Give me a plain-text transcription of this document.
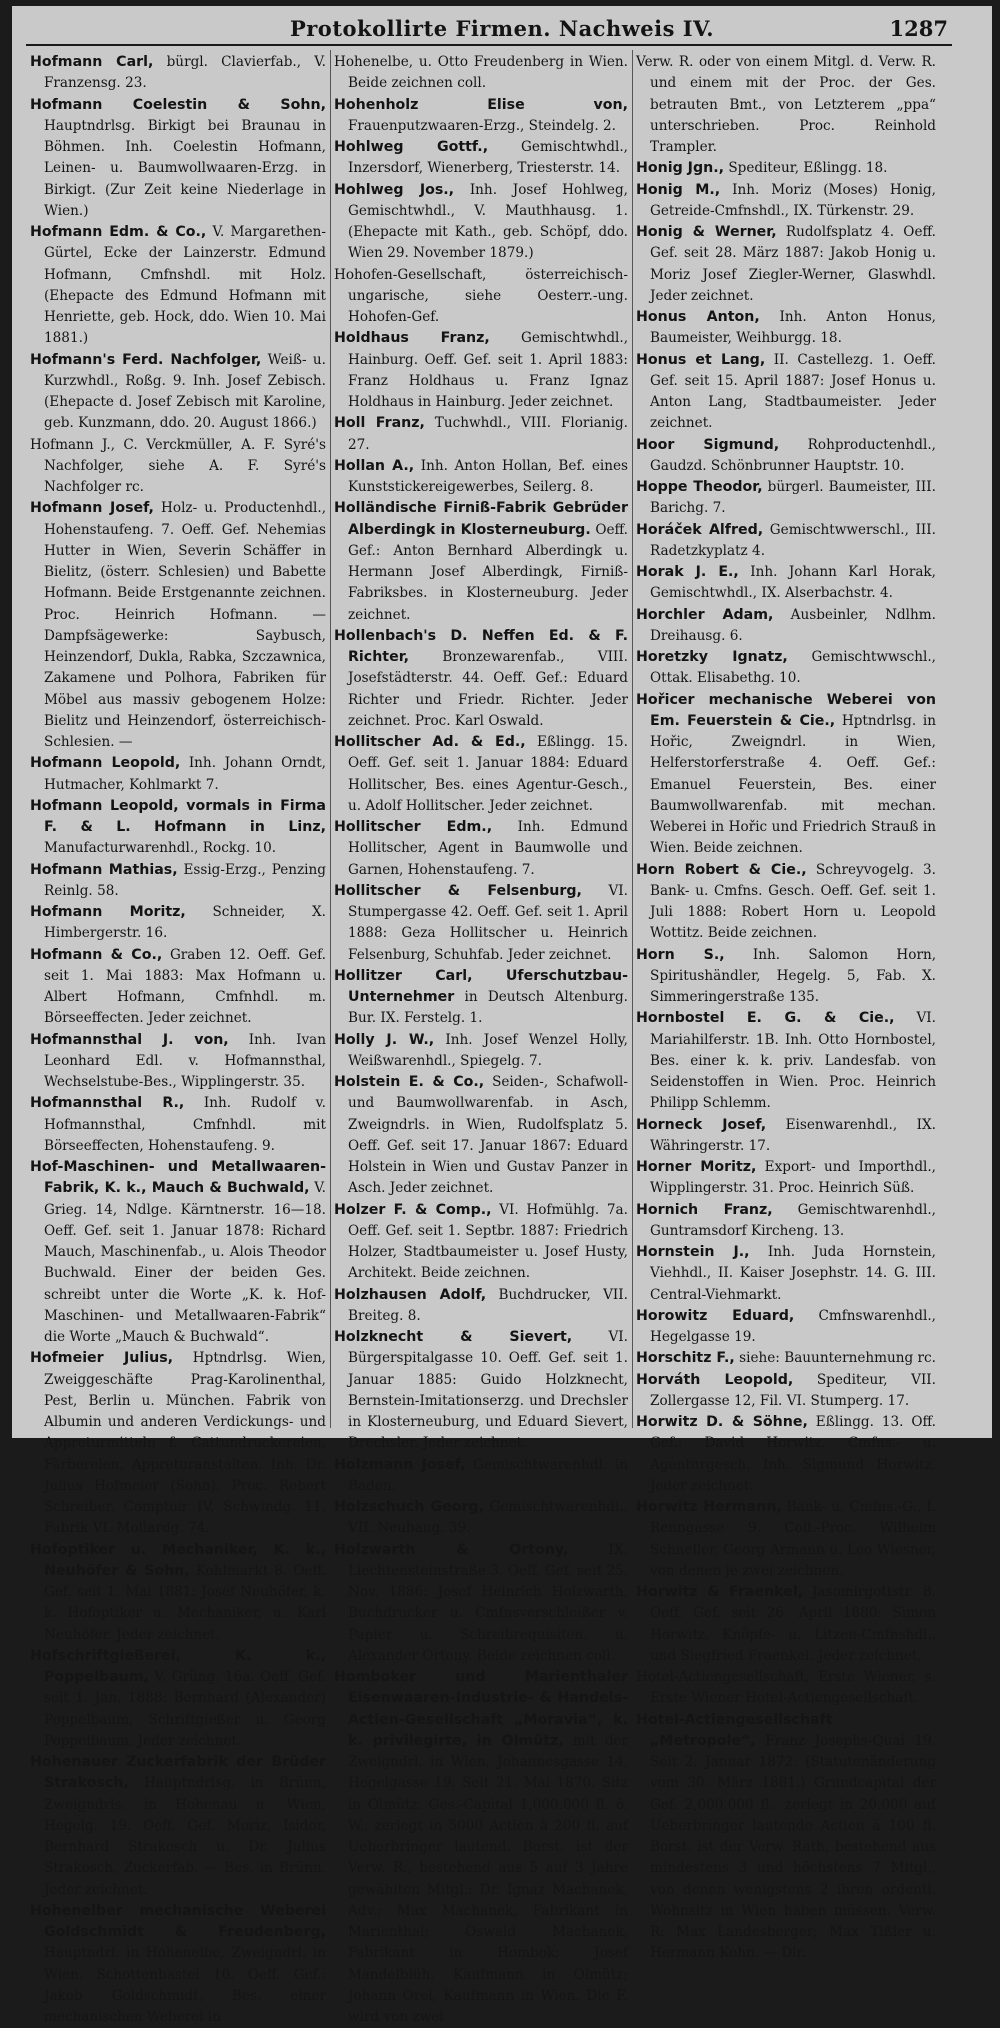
Protokollirte Firmen. Nachweis IV.	1287

Hofmann Carl, bürgl. Clavierfab., V. Franzensg. 23.

Hofmann Coelestin & Sohn, Hauptndrlsg. Birkigt bei Braunau in Böhmen. Inh. Coelestin Hofmann, Leinen- u. Baumwollwaaren-Erzg. in Birkigt. (Zur Zeit keine Niederlage in Wien.)

Hofmann Edm. & Co., V. Margarethen-Gürtel, Ecke der Lainzerstr. Edmund Hofmann, Cmfnshdl. mit Holz. (Ehepacte des Edmund Hofmann mit Henriette, geb. Hock, ddo. Wien 10. Mai 1881.)

Hofmann's Ferd. Nachfolger, Weiß- u. Kurzwhdl., Roßg. 9. Inh. Josef Zebisch. (Ehepacte d. Josef Zebisch mit Karoline, geb. Kunzmann, ddo. 20. August 1866.)

Hofmann J., C. Verckmüller, A. F. Syré's Nachfolger, siehe A. F. Syré's Nachfolger rc.

Hofmann Josef, Holz- u. Productenhdl., Hohenstaufeng. 7. Oeff. Gef. Nehemias Hutter in Wien, Severin Schäffer in Bielitz, (österr. Schlesien) und Babette Hofmann. Beide Erstgenannte zeichnen. Proc. Heinrich Hofmann. — Dampfsägewerke: Saybusch, Heinzendorf, Dukla, Rabka, Szczawnica, Zakamene und Polhora, Fabriken für Möbel aus massiv gebogenem Holze: Bielitz und Heinzendorf, österreichisch-Schlesien. —

Hofmann Leopold, Inh. Johann Orndt, Hutmacher, Kohlmarkt 7.

Hofmann Leopold, vormals in Firma F. & L. Hofmann in Linz, Manufacturwarenhdl., Rockg. 10.

Hofmann Mathias, Essig-Erzg., Penzing Reinlg. 58.

Hofmann Moritz, Schneider, X. Himbergerstr. 16.

Hofmann & Co., Graben 12. Oeff. Gef. seit 1. Mai 1883: Max Hofmann u. Albert Hofmann, Cmfnhdl. m. Börseeffecten. Jeder zeichnet.

Hofmannsthal J. von, Inh. Ivan Leonhard Edl. v. Hofmannsthal, Wechselstube-Bes., Wipplingerstr. 35.

Hofmannsthal R., Inh. Rudolf v. Hofmannsthal, Cmfnhdl. mit Börseeffecten, Hohenstaufeng. 9.

Hof-Maschinen- und Metallwaaren-Fabrik, K. k., Mauch & Buchwald, V. Grieg. 14, Ndlge. Kärntnerstr. 16—18. Oeff. Gef. seit 1. Januar 1878: Richard Mauch, Maschinenfab., u. Alois Theodor Buchwald. Einer der beiden Ges. schreibt unter die Worte „K. k. Hof-Maschinen- und Metallwaaren-Fabrik“ die Worte „Mauch & Buchwald“.

Hofmeier Julius, Hptndrlsg. Wien, Zweiggeschäfte Prag-Karolinenthal, Pest, Berlin u. München. Fabrik von Albumin und anderen Verdickungs- und Appreturmitteln f. Cattundruckereien, Färbereien, Appreturanstalten. Inh. Dr. Julius Hofmeier (Sohn). Proc. Robert Schreiber. Comptoir IV. Schwindg. 11, Fabrik VI. Mollardg. 74.

Hofoptiker u. Mechaniker, K. k., Neuhöfer & Sohn, Kohlmarkt 8. Oeff. Gef. seit 1. Mai 1881: Josef Neuhöfer, k. k. Hofoptiker u. Mechaniker, u. Karl Neuhöfer. Jeder zeichnet.

Hofschriftgießerei, K. k., Poppelbaum, V. Grüng. 16a. Oeff. Gef. seit 1. Jan. 1888: Bernhard (Alexander) Poppelbaum, Schriftgießer u. Georg Poppelbaum. Jeder zeichnet.

Hohenauer Zuckerfabrik der Brüder Strakosch, Hauptndrlsg. in Brünn, Zweigndrls. in Hohenau u. Wien, Hegelg. 19. Oeff. Gef. Moriz, Isidor, Bernhard Strakosch u. Dr. Julius Strakosch, Zuckerfab. — Bes. in Brünn. Jeder zeichnet.

Hohenelber mechanische Weberei Goldschmidt & Freudenberg, Hauptndrl. in Hohenelbe, Zweigndrl. in Wien. Schottenbastei 10. Oeff. Gef.: Jakob Goldschmidt, Bes. einer mechanischen Weberei in

Hohenelbe, u. Otto Freudenberg in Wien. Beide zeichnen coll.

Hohenholz Elise von, Frauenputzwaaren-Erzg., Steindelg. 2.

Hohlweg Gottf., Gemischtwhdl., Inzersdorf, Wienerberg, Triesterstr. 14.

Hohlweg Jos., Inh. Josef Hohlweg, Gemischtwhdl., V. Mauthhausg. 1. (Ehepacte mit Kath., geb. Schöpf, ddo. Wien 29. November 1879.)

Hohofen-Gesellschaft, österreichisch-ungarische, siehe Oesterr.-ung. Hohofen-Gef.

Holdhaus Franz, Gemischtwhdl., Hainburg. Oeff. Gef. seit 1. April 1883: Franz Holdhaus u. Franz Ignaz Holdhaus in Hainburg. Jeder zeichnet.

Holl Franz, Tuchwhdl., VIII. Florianig. 27.

Hollan A., Inh. Anton Hollan, Bef. eines Kunststickereigewerbes, Seilerg. 8.

Holländische Firniß-Fabrik Gebrüder Alberdingk in Klosterneuburg. Oeff. Gef.: Anton Bernhard Alberdingk u. Hermann Josef Alberdingk, Firniß-Fabriksbes. in Klosterneuburg. Jeder zeichnet.

Hollenbach's D. Neffen Ed. & F. Richter, Bronzewarenfab., VIII. Josefstädterstr. 44. Oeff. Gef.: Eduard Richter und Friedr. Richter. Jeder zeichnet. Proc. Karl Oswald.

Hollitscher Ad. & Ed., Eßlingg. 15. Oeff. Gef. seit 1. Januar 1884: Eduard Hollitscher, Bes. eines Agentur-Gesch., u. Adolf Hollitscher. Jeder zeichnet.

Hollitscher Edm., Inh. Edmund Hollitscher, Agent in Baumwolle und Garnen, Hohenstaufeng. 7.

Hollitscher & Felsenburg, VI. Stumpergasse 42. Oeff. Gef. seit 1. April 1888: Geza Hollitscher u. Heinrich Felsenburg, Schuhfab. Jeder zeichnet.

Hollitzer Carl, Uferschutzbau-Unternehmer in Deutsch Altenburg. Bur. IX. Ferstelg. 1.

Holly J. W., Inh. Josef Wenzel Holly, Weißwarenhdl., Spiegelg. 7.

Holstein E. & Co., Seiden-, Schafwoll- und Baumwollwarenfab. in Asch, Zweigndrls. in Wien, Rudolfsplatz 5. Oeff. Gef. seit 17. Januar 1867: Eduard Holstein in Wien und Gustav Panzer in Asch. Jeder zeichnet.

Holzer F. & Comp., VI. Hofmühlg. 7a. Oeff. Gef. seit 1. Septbr. 1887: Friedrich Holzer, Stadtbaumeister u. Josef Husty, Architekt. Beide zeichnen.

Holzhausen Adolf, Buchdrucker, VII. Breiteg. 8.

Holzknecht & Sievert,	VI. Bürgerspitalgasse 10. Oeff. Gef. seit 1. Januar 1885: Guido Holzknecht, Bernstein-Imitationserzg. und Drechsler in Klosterneuburg, und Eduard Sievert, Drechsler. Jeder zeichnet.

Holzmann Josef, Gemischtwarenhdl. in Baden.

Holzschuch Georg, Gemischtwarenhdl., VII. Neubaug. 39.

Holzwarth & Ortony,	IX. Liechtensteinstraße 3. Oeff. Gef. seit 25. Nov. 1886: Josef Heinrich Holzwarth, Buchdrucker u. Cmfnsverschleißer v. Papier u. Schreibrequisiten, u. Alexander Ortony. Beide zeichnen coll.

Homboker und Marienthaler Eisenwaaren-Industrie- & Handels-Actien-Gesellschaft „Moravia“, k. k. privilegirte, in Olmütz, mit der Zweigndrl. in Wien, Johannesgasse 14, Hegelgasse 19. Seit 21. Mai 1870. Sitz in Olmütz. Ges.-Capital 1,000.000 fl. ö. W., zerlegt in 5000 Actien à 200 fl. auf Ueberbringer lautend. Borst. ist der Verw. R., bestehend aus 5 auf 3 Jahre gewählten Mitgl.: Dr. Ignaz Machanek, Adv.; Max Machanek, Fabrikant in Marienthal; Oswald Machanek, Fabrikant in Hombok; Josef Mandelblüh, Kaufmann in Olmütz; Johann Orel, Kaufmann in Wien. Die F. wird von zwei

Verw. R. oder von einem Mitgl. d. Verw. R. und einem mit der Proc. der Ges. betrauten Bmt., von Letzterem „ppa“ unterschrieben. Proc. Reinhold Trampler.

Honig Jgn., Spediteur, Eßlingg. 18.

Honig M., Inh. Moriz (Moses) Honig, Getreide-Cmfnshdl., IX. Türkenstr. 29.

Honig & Werner, Rudolfsplatz 4. Oeff. Gef. seit 28. März 1887: Jakob Honig u. Moriz Josef Ziegler-Werner, Glaswhdl. Jeder zeichnet.

Honus Anton, Inh. Anton Honus, Baumeister, Weihburgg. 18.

Honus et Lang, II. Castellezg. 1. Oeff. Gef. seit 15. April 1887: Josef Honus u. Anton Lang, Stadtbaumeister. Jeder zeichnet.

Hoor Sigmund, Rohproductenhdl., Gaudzd. Schönbrunner Hauptstr. 10.

Hoppe Theodor, bürgerl. Baumeister, III. Barichg. 7.

Horáček Alfred, Gemischtwwerschl., III. Radetzkyplatz 4.

Horak J. E., Inh. Johann Karl Horak, Gemischtwhdl., IX. Alserbachstr. 4.

Horchler Adam, Ausbeinler, Ndlhm. Dreihausg. 6.

Horetzky Ignatz, Gemischtwwschl., Ottak. Elisabethg. 10.

Hořicer mechanische Weberei von Em. Feuerstein & Cie., Hptndrlsg. in Hořic, Zweigndrl. in Wien, Helferstorferstraße 4. Oeff. Gef.: Emanuel Feuerstein, Bes. einer Baumwollwarenfab. mit mechan. Weberei in Hořic und Friedrich Strauß in Wien. Beide zeichnen.

Horn Robert & Cie., Schreyvogelg. 3. Bank- u. Cmfns. Gesch. Oeff. Gef. seit 1. Juli 1888: Robert Horn u. Leopold Wottitz. Beide zeichnen.

Horn S., Inh. Salomon Horn, Spiritushändler, Hegelg. 5, Fab. X. Simmeringerstraße 135.

Hornbostel E. G. & Cie., VI. Mariahilferstr. 1B. Inh. Otto Hornbostel, Bes. einer k. k. priv. Landesfab. von Seidenstoffen in Wien. Proc. Heinrich Philipp Schlemm.

Horneck Josef, Eisenwarenhdl., IX. Währingerstr. 17.

Horner Moritz, Export- und Importhdl., Wipplingerstr. 31. Proc. Heinrich Süß.

Hornich Franz, Gemischtwarenhdl., Guntramsdorf Kircheng. 13.

Hornstein J., Inh. Juda Hornstein, Viehhdl., II. Kaiser Josephstr. 14. G. III. Central-Viehmarkt.

Horowitz Eduard, Cmfnswarenhdl., Hegelgasse 19.

Horschitz F., siehe: Bauunternehmung rc.

Horváth Leopold, Spediteur, VII. Zollergasse 12, Fil. VI. Stumperg. 17.

Horwitz D. & Söhne, Eßlingg. 13. Off. Gef.: David Horwitz, Cmfns.- u. Agenturgesch. Inh. Sigmund Horwitz. Jeder zeichnet.

Horwitz Hermann, Bank- u. Cmfns.-G., I. Renngasse 9. Coll.-Proc. Wilhelm Schneller, Georg Armann u. Leo Wiesner, von denen je zwei zeichnen.

Horwitz & Fraenkel, Jasomirgottstr. 8. Oeff. Gef. seit 26. April 1880: Simon Horwitz, Knöpfe- u. Litzen-Cmfnshdl., und Siegfried Fraenkel. Jeder zeichnet.

Hotel-Actiengesellschaft, Erste Wiener, s. Erste Wiener Hotel-Actiengesellschaft.

Hotel-Actiengesellschaft „Metropole“, Franz Josephs-Quai 19. Seit 2. Januar 1872. (Statutenänderung vom 30. März 1881.) Grundcapital der Gef. 2,000.000 fl., zerlegt in 20.000 auf Ueberbringer lautende Actien à 100 fl. Borst. ist der Verw. Rath, bestehend aus mindestens 3 und höchstens 7 Mitgl., von denen wenigstens 2 ihren ordentl. Wohnsitz in Wien haben müssen. Verw. R: Max Landesberger; Max Tißler u. Hermann Kohn. — Dir.
